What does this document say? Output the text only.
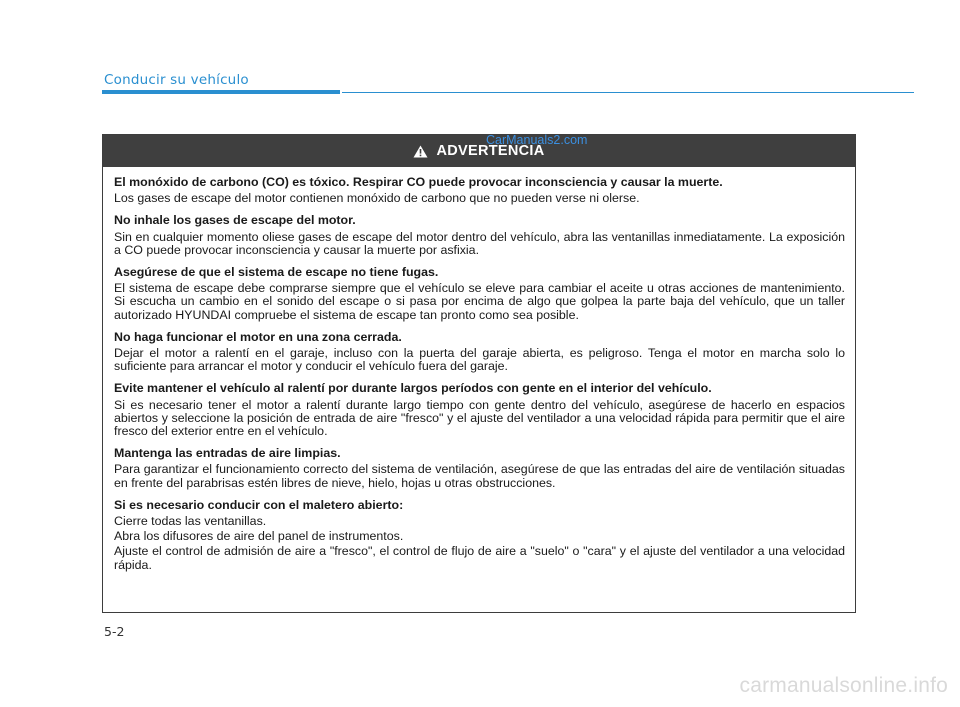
Conducir su vehículo
ADVERTENCIA

El monóxido de carbono (CO) es tóxico. Respirar CO puede provocar inconsciencia y causar la muerte.

Los gases de escape del motor contienen monóxido de carbono que no pueden verse ni olerse.

No inhale los gases de escape del motor.

Sin en cualquier momento oliese gases de escape del motor dentro del vehículo, abra las ventanillas inmediatamente. La exposición a CO puede provocar inconsciencia y causar la muerte por asfixia.

Asegúrese de que el sistema de escape no tiene fugas.

El sistema de escape debe comprarse siempre que el vehículo se eleve para cambiar el aceite u otras acciones de mantenimiento. Si escucha un cambio en el sonido del escape o si pasa por encima de algo que golpea la parte baja del vehículo, que un taller autorizado HYUNDAI compruebe el sistema de escape tan pronto como sea posible.

No haga funcionar el motor en una zona cerrada.

Dejar el motor a ralentí en el garaje, incluso con la puerta del garaje abierta, es peligroso. Tenga el motor en marcha solo lo suficiente para arrancar el motor y conducir el vehículo fuera del garaje.

Evite mantener el vehículo al ralentí por durante largos períodos con gente en el interior del vehículo.

Si es necesario tener el motor a ralentí durante largo tiempo con gente dentro del vehículo, asegúrese de hacerlo en espacios abiertos y seleccione la posición de entrada de aire "fresco" y el ajuste del ventilador a una velocidad rápida para permitir que el aire fresco del exterior entre en el vehículo.

Mantenga las entradas de aire limpias.

Para garantizar el funcionamiento correcto del sistema de ventilación, asegúrese de que las entradas del aire de ventilación situadas en frente del parabrisas estén libres de nieve, hielo, hojas u otras obstrucciones.

Si es necesario conducir con el maletero abierto:

Cierre todas las ventanillas.

Abra los difusores de aire del panel de instrumentos.

Ajuste el control de admisión de aire a "fresco", el control de flujo de aire a "suelo" o "cara" y el ajuste del ventilador a una velocidad rápida.

CarManuals2.com
5-2
carmanualsonline.info
